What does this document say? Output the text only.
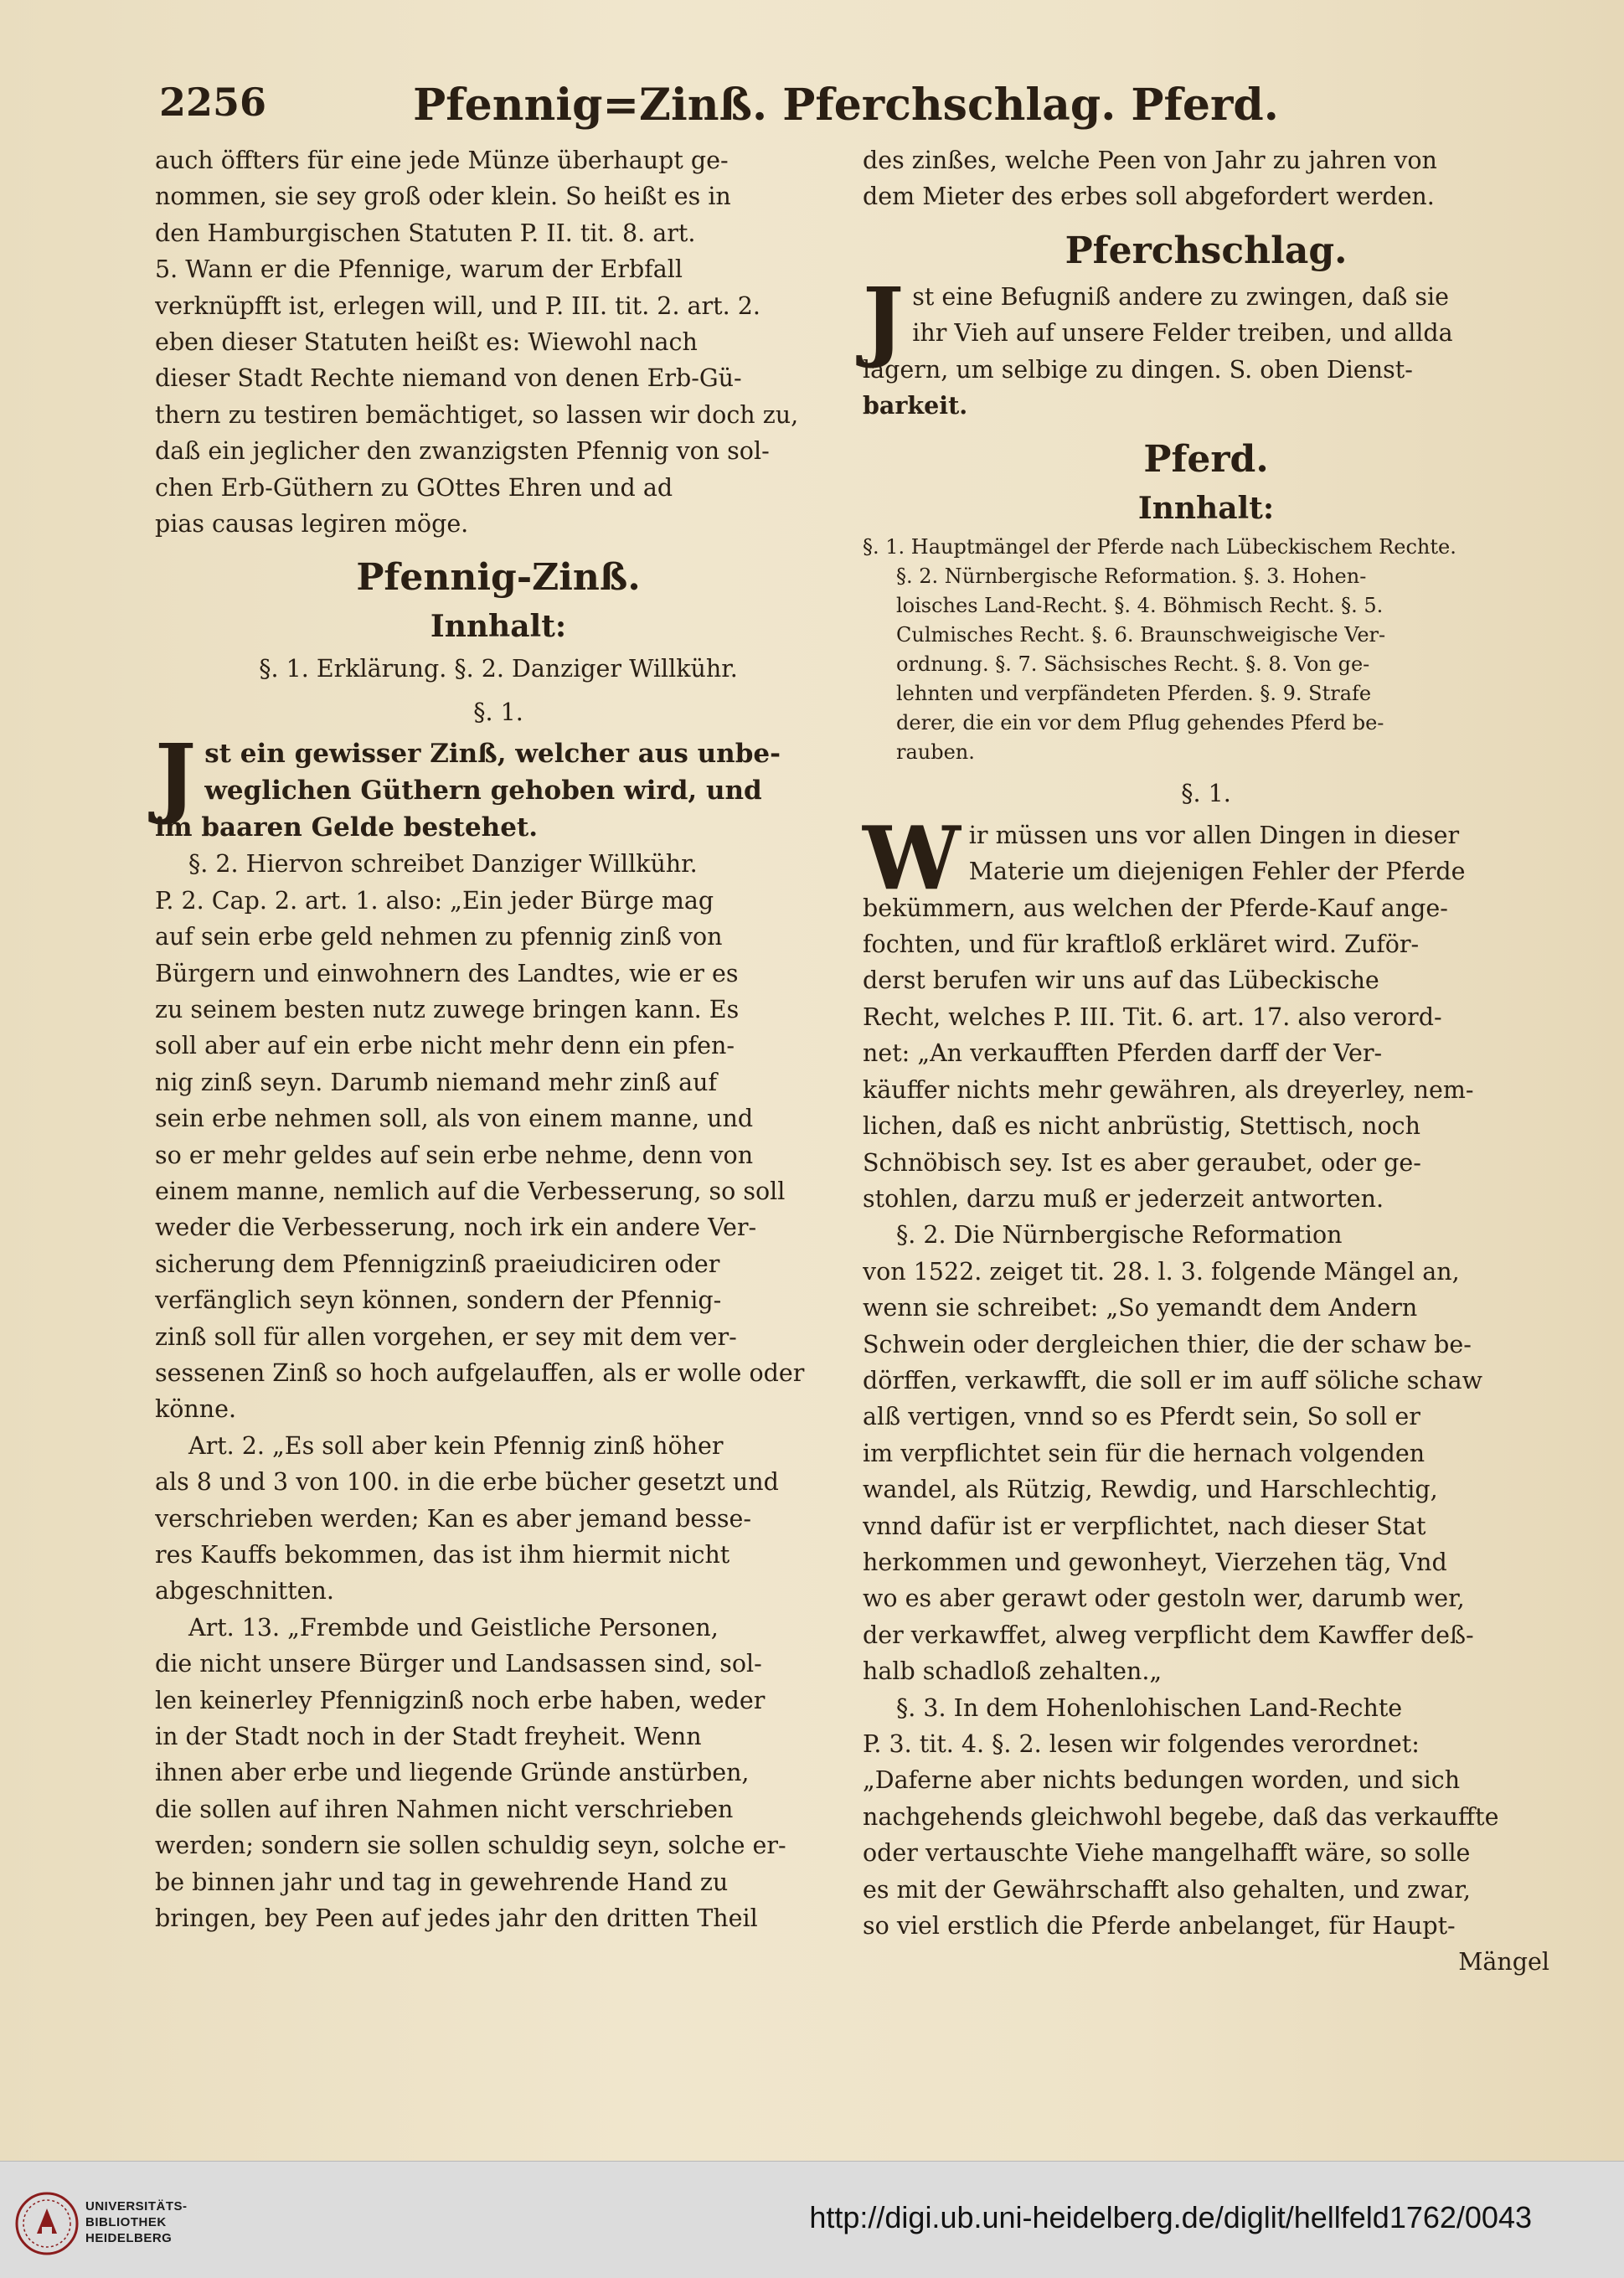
2256	Pfennig=Zinß. Pferchschlag. Pferd.
auch öffters für eine jede Münze überhaupt ge-
nommen, sie sey groß oder klein. So heißt es in
den Hamburgischen Statuten P. II. tit. 8. art.
5. Wann er die Pfennige, warum der Erbfall
verknüpfft ist, erlegen will, und P. III. tit. 2. art. 2.
eben dieser Statuten heißt es: Wiewohl nach
dieser Stadt Rechte niemand von denen Erb-Gü-
thern zu testiren bemächtiget, so lassen wir doch zu,
daß ein jeglicher den zwanzigsten Pfennig von sol-
chen Erb-Güthern zu GOttes Ehren und ad
pias causas legiren möge.
Pfennig-Zinß.
Innhalt:
§. 1. Erklärung. §. 2. Danziger Willkühr.
§. 1.
J st ein gewisser Zinß, welcher aus unbe-
weglichen Güthern gehoben wird, und
im baaren Gelde bestehet.
§. 2. Hiervon schreibet Danziger Willkühr.
P. 2. Cap. 2. art. 1. also: „Ein jeder Bürge mag
auf sein erbe geld nehmen zu pfennig zinß von
Bürgern und einwohnern des Landtes, wie er es
zu seinem besten nutz zuwege bringen kann. Es
soll aber auf ein erbe nicht mehr denn ein pfen-
nig zinß seyn. Darumb niemand mehr zinß auf
sein erbe nehmen soll, als von einem manne, und
so er mehr geldes auf sein erbe nehme, denn von
einem manne, nemlich auf die Verbesserung, so soll
weder die Verbesserung, noch irk ein andere Ver-
sicherung dem Pfennigzinß praeiudiciren oder
verfänglich seyn können, sondern der Pfennig-
zinß soll für allen vorgehen, er sey mit dem ver-
sessenen Zinß so hoch aufgelauffen, als er wolle oder
könne.
Art. 2. „Es soll aber kein Pfennig zinß höher
als 8 und 3 von 100. in die erbe bücher gesetzt und
verschrieben werden; Kan es aber jemand besse-
res Kauffs bekommen, das ist ihm hiermit nicht
abgeschnitten.
Art. 13. „Frembde und Geistliche Personen,
die nicht unsere Bürger und Landsassen sind, sol-
len keinerley Pfennigzinß noch erbe haben, weder
in der Stadt noch in der Stadt freyheit. Wenn
ihnen aber erbe und liegende Gründe anstürben,
die sollen auf ihren Nahmen nicht verschrieben
werden; sondern sie sollen schuldig seyn, solche er-
be binnen jahr und tag in gewehrende Hand zu
bringen, bey Peen auf jedes jahr den dritten Theil
des zinßes, welche Peen von Jahr zu jahren von
dem Mieter des erbes soll abgefordert werden.
Pferchschlag.
J st eine Befugniß andere zu zwingen, daß sie
ihr Vieh auf unsere Felder treiben, und allda
lagern, um selbige zu dingen. S. oben Dienst-
barkeit.
Pferd.
Innhalt:
§. 1. Hauptmängel der Pferde nach Lübeckischem Rechte.
§. 2. Nürnbergische Reformation. §. 3. Hohen-
loisches Land-Recht. §. 4. Böhmisch Recht. §. 5.
Culmisches Recht. §. 6. Braunschweigische Ver-
ordnung. §. 7. Sächsisches Recht. §. 8. Von ge-
lehnten und verpfändeten Pferden. §. 9. Strafe
derer, die ein vor dem Pflug gehendes Pferd be-
rauben.
§. 1.
W ir müssen uns vor allen Dingen in dieser
Materie um diejenigen Fehler der Pferde
bekümmern, aus welchen der Pferde-Kauf ange-
fochten, und für kraftloß erkläret wird. Zuför-
derst berufen wir uns auf das Lübeckische
Recht, welches P. III. Tit. 6. art. 17. also verord-
net: „An verkaufften Pferden darff der Ver-
käuffer nichts mehr gewähren, als dreyerley, nem-
lichen, daß es nicht anbrüstig, Stettisch, noch
Schnöbisch sey. Ist es aber geraubet, oder ge-
stohlen, darzu muß er jederzeit antworten.
§. 2. Die Nürnbergische Reformation
von 1522. zeiget tit. 28. l. 3. folgende Mängel an,
wenn sie schreibet: „So yemandt dem Andern
Schwein oder dergleichen thier, die der schaw be-
dörffen, verkawfft, die soll er im auff söliche schaw
alß vertigen, vnnd so es Pferdt sein, So soll er
im verpflichtet sein für die hernach volgenden
wandel, als Rützig, Rewdig, und Harschlechtig,
vnnd dafür ist er verpflichtet, nach dieser Stat
herkommen und gewonheyt, Vierzehen täg, Vnd
wo es aber gerawt oder gestoln wer, darumb wer,
der verkawffet, alweg verpflicht dem Kawffer deß-
halb schadloß zehalten.„
§. 3. In dem Hohenlohischen Land-Rechte
P. 3. tit. 4. §. 2. lesen wir folgendes verordnet:
„Daferne aber nichts bedungen worden, und sich
nachgehends gleichwohl begebe, daß das verkauffte
oder vertauschte Viehe mangelhafft wäre, so solle
es mit der Gewährschafft also gehalten, und zwar,
so viel erstlich die Pferde anbelanget, für Haupt-
Mängel
UNIVERSITÄTS-
BIBLIOTHEK
HEIDELBERG
http://digi.ub.uni-heidelberg.de/diglit/hellfeld1762/0043
